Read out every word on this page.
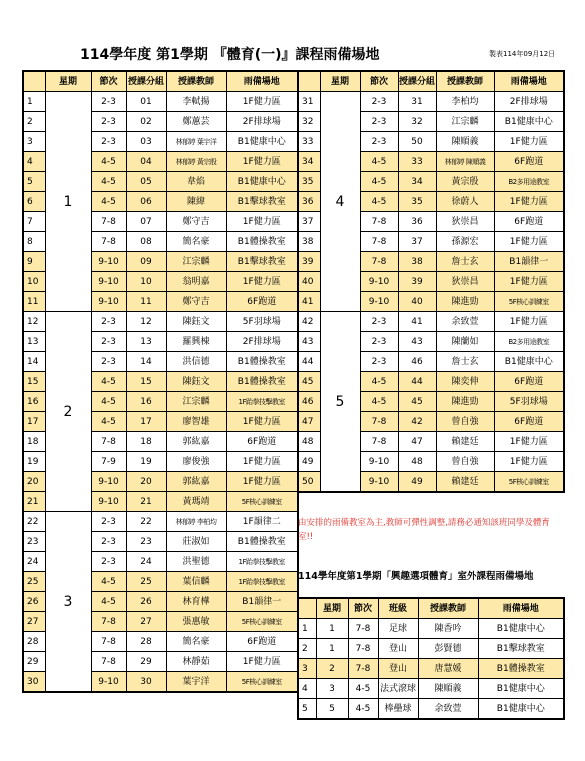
114學年度 第1學期 『體育(一)』課程雨備場地	製表114年09月12日
	星期	節次	授課分組	授課教師	雨備場地
1	1	2-3	01	李軾揚	1F健力區
2		2-3	02	鄭蕙芸	2F排球場
3		2-3	03	林郁婷 葉宇洋	B1健康中心
4		4-5	04	林郁婷 黃宗殷	1F健力區
5		4-5	05	韋焰	B1健康中心
6		4-5	06	陳緯	B1擊球教室
7		7-8	07	鄭守吉	1F健力區
8		7-8	08	簡名豪	B1體操教室
9		9-10	09	江宗麟	B1擊球教室
10		9-10	10	翁明嘉	1F健力區
11		9-10	11	鄭守吉	6F跑道
12	2	2-3	12	陳鈺文	5F羽球場
13		2-3	13	羅興棟	2F排球場
14		2-3	14	洪信德	B1體操教室
15		4-5	15	陳鈺文	B1體操教室
16		4-5	16	江宗麟	1F跆拳技擊教室
17		4-5	17	廖智雄	1F健力區
18		7-8	18	郭紘嘉	6F跑道
19		7-9	19	廖俊強	1F健力區
20		9-10	20	郭紘嘉	1F健力區
21		9-10	21	黃瑪靖	5F核心訓練室
22	3	2-3	22	林郁婷 李柏均	1F韻律二
23		2-3	23	莊淑如	B1體操教室
24		2-3	24	洪聖德	1F跆拳技擊教室
25		4-5	25	葉信麟	1F跆拳技擊教室
26		4-5	26	林育樺	B1韻律一
27		7-8	27	張惠敏	5F核心訓練室
28		7-8	28	簡名豪	6F跑道
29		7-8	29	林靜茹	1F健力區
30		9-10	30	葉宇洋	5F核心訓練室
	星期	節次	授課分組	授課教師	雨備場地
31	4	2-3	31	李柏均	2F排球場
32		2-3	32	江宗麟	B1健康中心
33		2-3	50	陳順義	1F健力區
34		4-5	33	林郁婷 陳順義	6F跑道
35		4-5	34	黃宗殷	B2多用途教室
36		4-5	35	徐蔚人	1F健力區
37		7-8	36	狄崇昌	6F跑道
38		7-8	37	孫源宏	1F健力區
39		7-8	38	詹士玄	B1韻律一
40		9-10	39	狄崇昌	1F健力區
41		9-10	40	陳進勁	5F核心訓練室
42	5	2-3	41	余致萱	1F健力區
43		2-3	43	陳蘭如	B2多用途教室
44		2-3	46	詹士玄	B1健康中心
45		4-5	44	陳奕伸	6F跑道
46		4-5	45	陳進勁	5F羽球場
47		7-8	42	曾自強	6F跑道
48		7-8	47	賴建廷	1F健力區
49		9-10	48	曾自強	1F健力區
50		9-10	49	賴建廷	5F核心訓練室
由安排的雨備教室為主,教師可彈性調整,請務必通知該班同學及體育室!!
114學年度第1學期「興趣選項體育」室外課程雨備場地
	星期	節次	班級	授課教師	雨備場地
1	1	7-8	足球	陳香吟	B1健康中心
2	1	7-8	登山	彭賢德	B1擊球教室
3	2	7-8	登山	唐慧媛	B1體操教室
4	3	4-5	法式滾球	陳順義	B1健康中心
5	5	4-5	棒壘球	余致萱	B1健康中心
